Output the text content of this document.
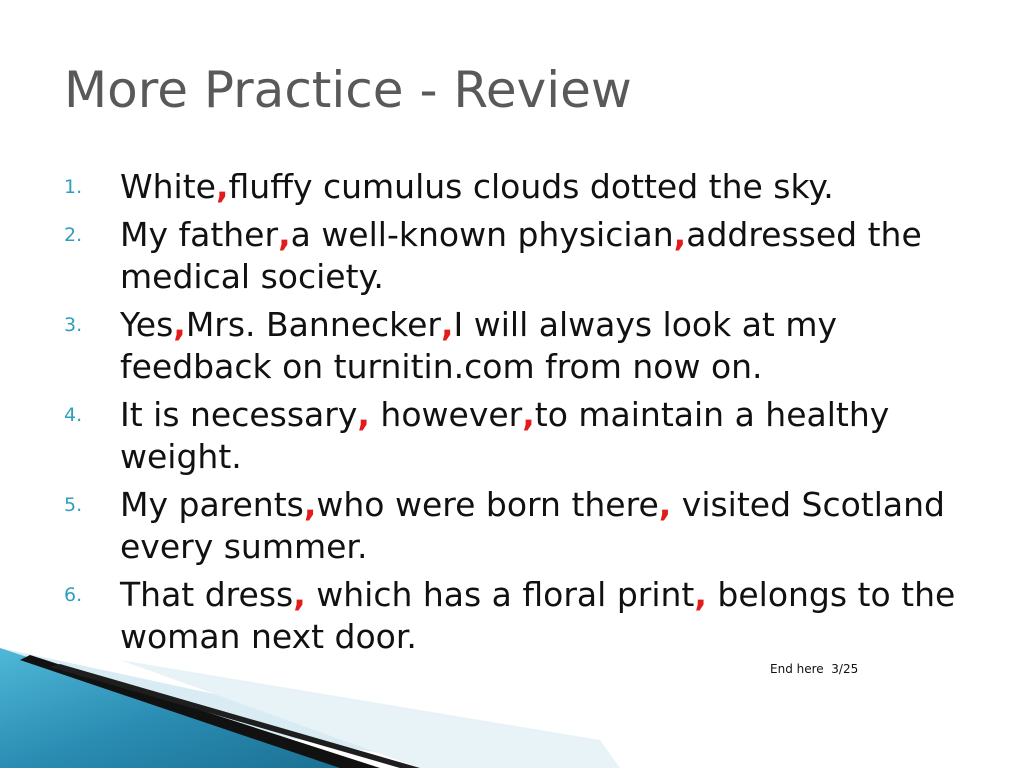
More Practice - Review
1.	White,fluffy cumulus clouds dotted the sky.
2.	My father,a well-known physician,addressed the medical society.
3.	Yes,Mrs. Bannecker,I will always look at my feedback on turnitin.com from now on.
4.	It is necessary, however,to maintain a healthy weight.
5.	My parents,who were born there, visited Scotland every summer.
6.	That dress, which has a floral print, belongs to the woman next door.
End here  3/25
